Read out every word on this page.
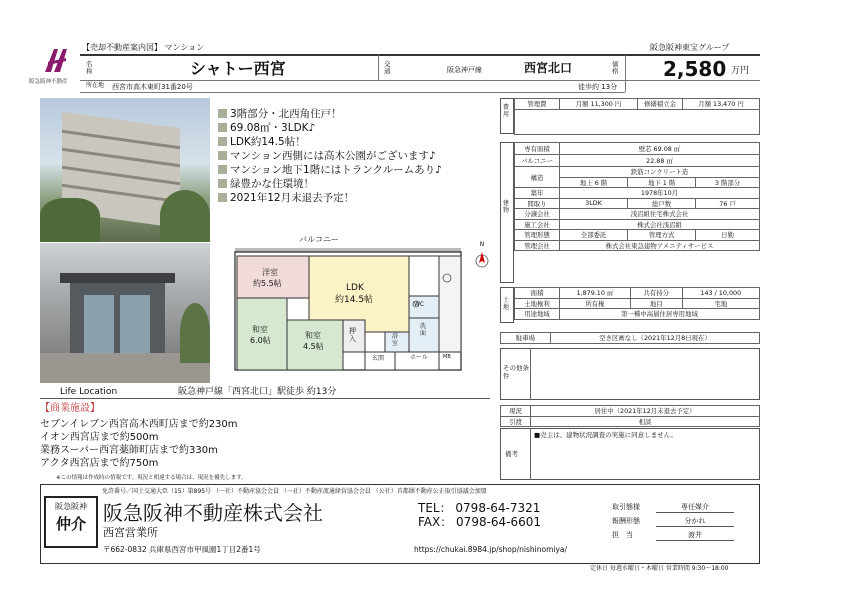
阪急阪神不動産
【売却不動産案内図】 マンション	阪急阪神東宝グループ
名称	シャトー西宮	交通	阪急神戸線	西宮北口	価格 2,580 万円
所在地 西宮市高木東町31番20号	徒歩約 13分
3階部分・北西角住戸！
69.08㎡・3LDK♪
LDK約14.5帖！
マンション西側には高木公園がございます♪
マンション地下1階にはトランクルームあり♪
緑豊かな住環境！
2021年12月末退去予定！
バルコニー
洋室
約5.5帖	LDK
約14.5帖
和室
6.0帖
和室
4.5帖
押入
玄関	ホール
WC
洗面
浴室
MB
N
Life Location	阪急神戸線「西宮北口」駅徒歩 約13分
【商業施設】
セブンイレブン西宮高木西町店まで約230m
イオン西宮店まで約500m
業務スーパー西宮薬師町店まで約330m
アクタ西宮店まで約750m
※この情報は作成時の情報です。現況と相違する場合は、現況を優先します。
費用
管理費	月額 11,300 円	修繕積立金	月額 13,470 円

建物
専有面積	壁芯 69.08 ㎡		
バルコニー	22.88 ㎡		
構造	鉄筋コンクリート造		
	地上 6 階	地下 1 階	3 階部分
築年	1978年10月		
間取り	3LDK	総戸数	76 戸
分譲会社	浅沼組住宅株式会社		
施工会社	株式会社浅沼組		
管理形態	全部委託	管理方式	日勤
管理会社	株式会社東急建物アメニティサービス		
土地
面積	1,879.10 ㎡	共有持分	143 / 10,000
土地権利	所有権	地目	宅地
用途地域	第一種中高層住居専用地域		
駐車場	空き区画なし（2021年12月8日現在）
その他条件
現況	居住中（2021年12月末退去予定）
引渡	相談
備考
■売主は、建物状況調査の実施に同意しません。
免許番号／国土交通大臣（15）第895号 （一社）不動産協会会員 （一社）不動産流通経営協会会員 （公社）首都圏不動産公正取引協議会加盟
阪急阪神
仲介 阪急阪神不動産株式会社
西宮営業所
TEL： 0798-64-7321
FAX： 0798-64-6601
〒662-0832 兵庫県西宮市甲風園1丁目2番1号	https://chukai.8984.jp/shop/nishinomiya/
取引態様	専任媒介
報酬形態	分かれ
担　当	渡井
定休日 毎週水曜日・木曜日 営業時間 9:30～18:00
